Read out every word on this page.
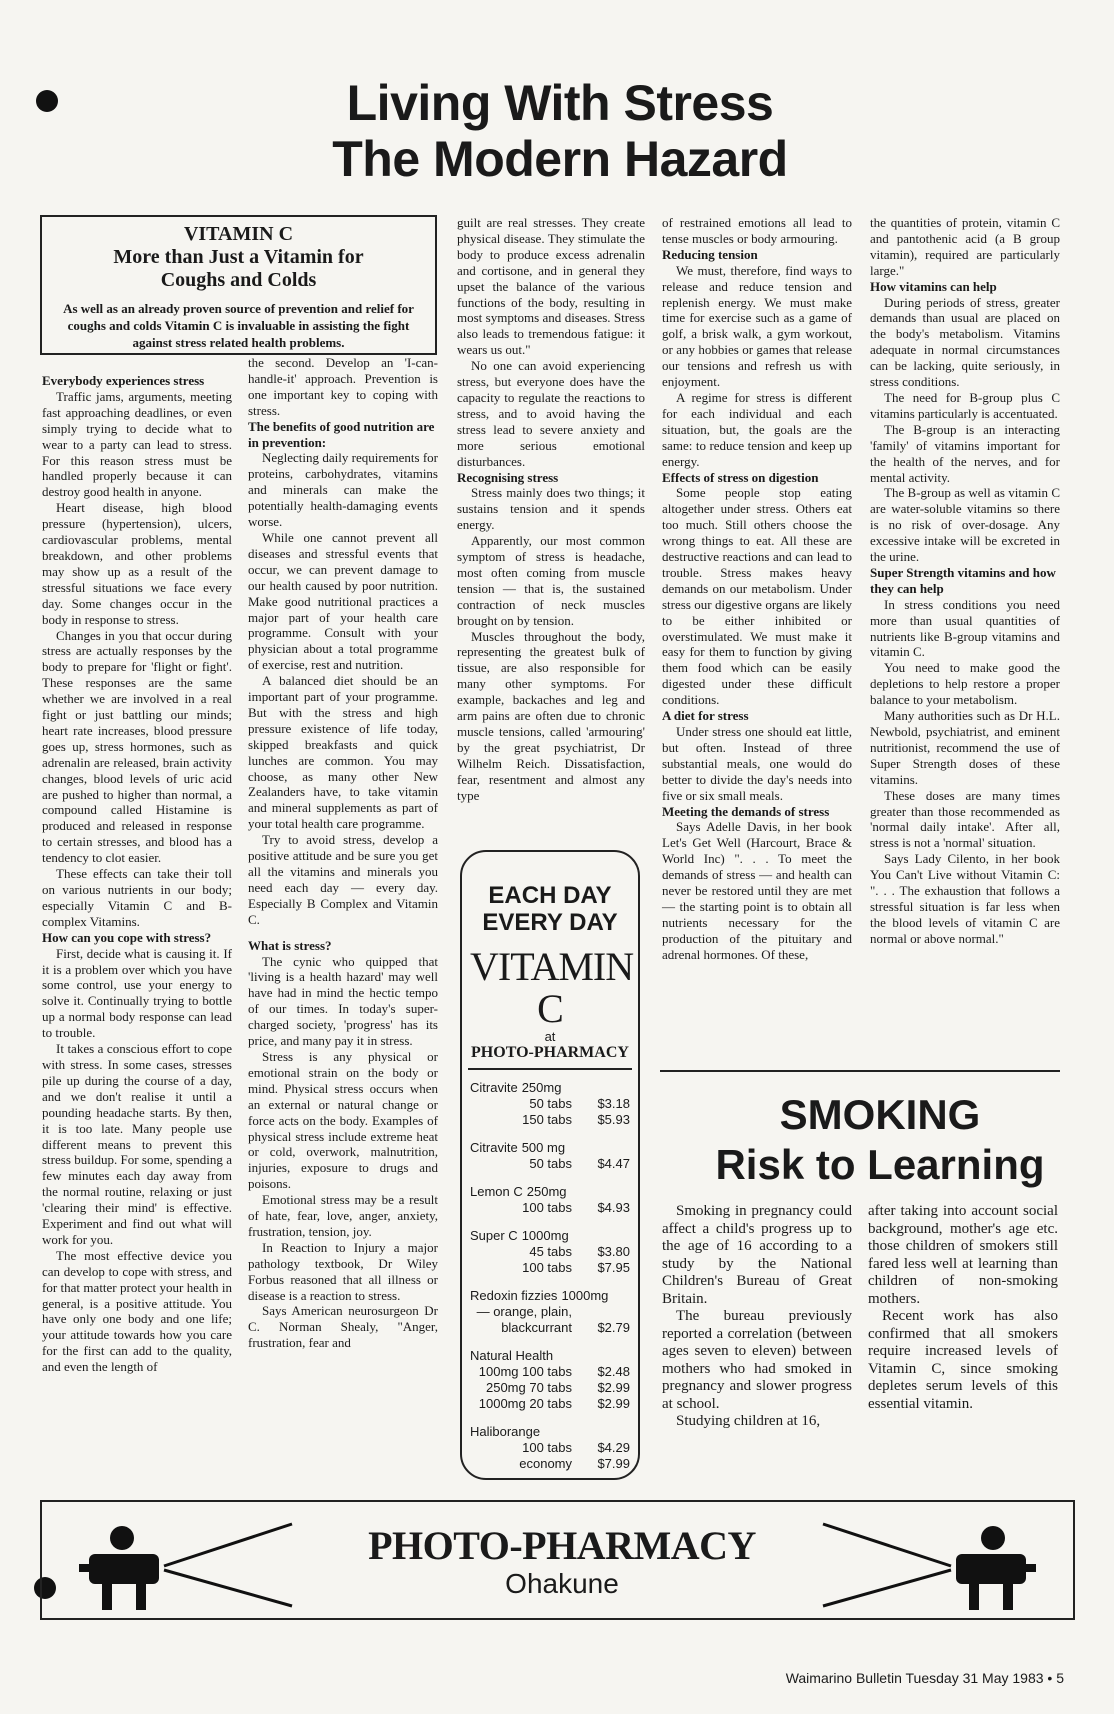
Living With Stress
The Modern Hazard
VITAMIN C
More than Just a Vitamin for
Coughs and Colds
As well as an already proven source of prevention and relief for coughs and colds Vitamin C is invaluable in assisting the fight against stress related health problems.
Everybody experiences stress
Traffic jams, arguments, meeting fast approaching deadlines, or even simply trying to decide what to wear to a party can lead to stress. For this reason stress must be handled properly because it can destroy good health in anyone.
Heart disease, high blood pressure (hypertension), ulcers, cardiovascular problems, mental breakdown, and other problems may show up as a result of the stressful situations we face every day. Some changes occur in the body in response to stress.
Changes in you that occur during stress are actually responses by the body to prepare for 'flight or fight'. These responses are the same whether we are involved in a real fight or just battling our minds; heart rate increases, blood pressure goes up, stress hormones, such as adrenalin are released, brain activity changes, blood levels of uric acid are pushed to higher than normal, a compound called Histamine is produced and released in response to certain stresses, and blood has a tendency to clot easier.
These effects can take their toll on various nutrients in our body; especially Vitamin C and B-complex Vitamins.
How can you cope with stress?
First, decide what is causing it. If it is a problem over which you have some control, use your energy to solve it. Continually trying to bottle up a normal body response can lead to trouble.
It takes a conscious effort to cope with stress. In some cases, stresses pile up during the course of a day, and we don't realise it until a pounding headache starts. By then, it is too late. Many people use different means to prevent this stress buildup. For some, spending a few minutes each day away from the normal routine, relaxing or just 'clearing their mind' is effective. Experiment and find out what will work for you.
The most effective device you can develop to cope with stress, and for that matter protect your health in general, is a positive attitude. You have only one body and one life; your attitude towards how you care for the first can add to the quality, and even the length of
the second. Develop an 'I-can-handle-it' approach. Prevention is one important key to coping with stress.
The benefits of good nutrition are in prevention:
Neglecting daily requirements for proteins, carbohydrates, vitamins and minerals can make the potentially health-damaging events worse.
While one cannot prevent all diseases and stressful events that occur, we can prevent damage to our health caused by poor nutrition. Make good nutritional practices a major part of your health care programme. Consult with your physician about a total programme of exercise, rest and nutrition.
A balanced diet should be an important part of your programme. But with the stress and high pressure existence of life today, skipped breakfasts and quick lunches are common. You may choose, as many other New Zealanders have, to take vitamin and mineral supplements as part of your total health care programme.
Try to avoid stress, develop a positive attitude and be sure you get all the vitamins and minerals you need each day — every day. Especially B Complex and Vitamin C.
What is stress?
The cynic who quipped that 'living is a health hazard' may well have had in mind the hectic tempo of our times. In today's super-charged society, 'progress' has its price, and many pay it in stress.
Stress is any physical or emotional strain on the body or mind. Physical stress occurs when an external or natural change or force acts on the body. Examples of physical stress include extreme heat or cold, overwork, malnutrition, injuries, exposure to drugs and poisons.
Emotional stress may be a result of hate, fear, love, anger, anxiety, frustration, tension, joy.
In Reaction to Injury a major pathology textbook, Dr Wiley Forbus reasoned that all illness or disease is a reaction to stress.
Says American neurosurgeon Dr C. Norman Shealy, "Anger, frustration, fear and
guilt are real stresses. They create physical disease. They stimulate the body to produce excess adrenalin and cortisone, and in general they upset the balance of the various functions of the body, resulting in most symptoms and diseases. Stress also leads to tremendous fatigue: it wears us out."
No one can avoid experiencing stress, but everyone does have the capacity to regulate the reactions to stress, and to avoid having the stress lead to severe anxiety and more serious emotional disturbances.
Recognising stress
Stress mainly does two things; it sustains tension and it spends energy.
Apparently, our most common symptom of stress is headache, most often coming from muscle tension — that is, the sustained contraction of neck muscles brought on by tension.
Muscles throughout the body, representing the greatest bulk of tissue, are also responsible for many other symptoms. For example, backaches and leg and arm pains are often due to chronic muscle tensions, called 'armouring' by the great psychiatrist, Dr Wilhelm Reich. Dissatisfaction, fear, resentment and almost any type
of restrained emotions all lead to tense muscles or body armouring.
Reducing tension
We must, therefore, find ways to release and reduce tension and replenish energy. We must make time for exercise such as a game of golf, a brisk walk, a gym workout, or any hobbies or games that release our tensions and refresh us with enjoyment.
A regime for stress is different for each individual and each situation, but, the goals are the same: to reduce tension and keep up energy.
Effects of stress on digestion
Some people stop eating altogether under stress. Others eat too much. Still others choose the wrong things to eat. All these are destructive reactions and can lead to trouble. Stress makes heavy demands on our metabolism. Under stress our digestive organs are likely to be either inhibited or overstimulated. We must make it easy for them to function by giving them food which can be easily digested under these difficult conditions.
A diet for stress
Under stress one should eat little, but often. Instead of three substantial meals, one would do better to divide the day's needs into five or six small meals.
Meeting the demands of stress
Says Adelle Davis, in her book Let's Get Well (Harcourt, Brace & World Inc) ". . . To meet the demands of stress — and health can never be restored until they are met — the starting point is to obtain all nutrients necessary for the production of the pituitary and adrenal hormones. Of these,
the quantities of protein, vitamin C and pantothenic acid (a B group vitamin), required are particularly large."
How vitamins can help
During periods of stress, greater demands than usual are placed on the body's metabolism. Vitamins adequate in normal circumstances can be lacking, quite seriously, in stress conditions.
The need for B-group plus C vitamins particularly is accentuated.
The B-group is an interacting 'family' of vitamins important for the health of the nerves, and for mental activity.
The B-group as well as vitamin C are water-soluble vitamins so there is no risk of over-dosage. Any excessive intake will be excreted in the urine.
Super Strength vitamins and how they can help
In stress conditions you need more than usual quantities of nutrients like B-group vitamins and vitamin C.
You need to make good the depletions to help restore a proper balance to your metabolism.
Many authorities such as Dr H.L. Newbold, psychiatrist, and eminent nutritionist, recommend the use of Super Strength doses of these vitamins.
These doses are many times greater than those recommended as 'normal daily intake'. After all, stress is not a 'normal' situation.
Says Lady Cilento, in her book You Can't Live without Vitamin C: ". . . The exhaustion that follows a stressful situation is far less when the blood levels of vitamin C are normal or above normal."
EACH DAY
EVERY DAY
VITAMIN C
at
PHOTO-PHARMACY
Citravite 250mg
50 tabs	$3.18
150 tabs	$5.93
Citravite 500 mg
50 tabs	$4.47
Lemon C 250mg
100 tabs	$4.93
Super C 1000mg
45 tabs	$3.80
100 tabs	$7.95
Redoxin fizzies 1000mg
— orange, plain,
blackcurrant	$2.79
Natural Health
100mg 100 tabs	$2.48
250mg 70 tabs	$2.99
1000mg 20 tabs	$2.99
Haliborange
100 tabs	$4.29
economy	$7.99
SMOKING
Risk to Learning
Smoking in pregnancy could affect a child's progress up to the age of 16 according to a study by the National Children's Bureau of Great Britain.
The bureau previously reported a correlation (between ages seven to eleven) between mothers who had smoked in pregnancy and slower progress at school.
Studying children at 16,
after taking into account social background, mother's age etc. those children of smokers still fared less well at learning than children of non-smoking mothers.
Recent work has also confirmed that all smokers require increased levels of Vitamin C, since smoking depletes serum levels of this essential vitamin.
PHOTO-PHARMACY
Ohakune
Waimarino Bulletin Tuesday 31 May 1983 • 5
